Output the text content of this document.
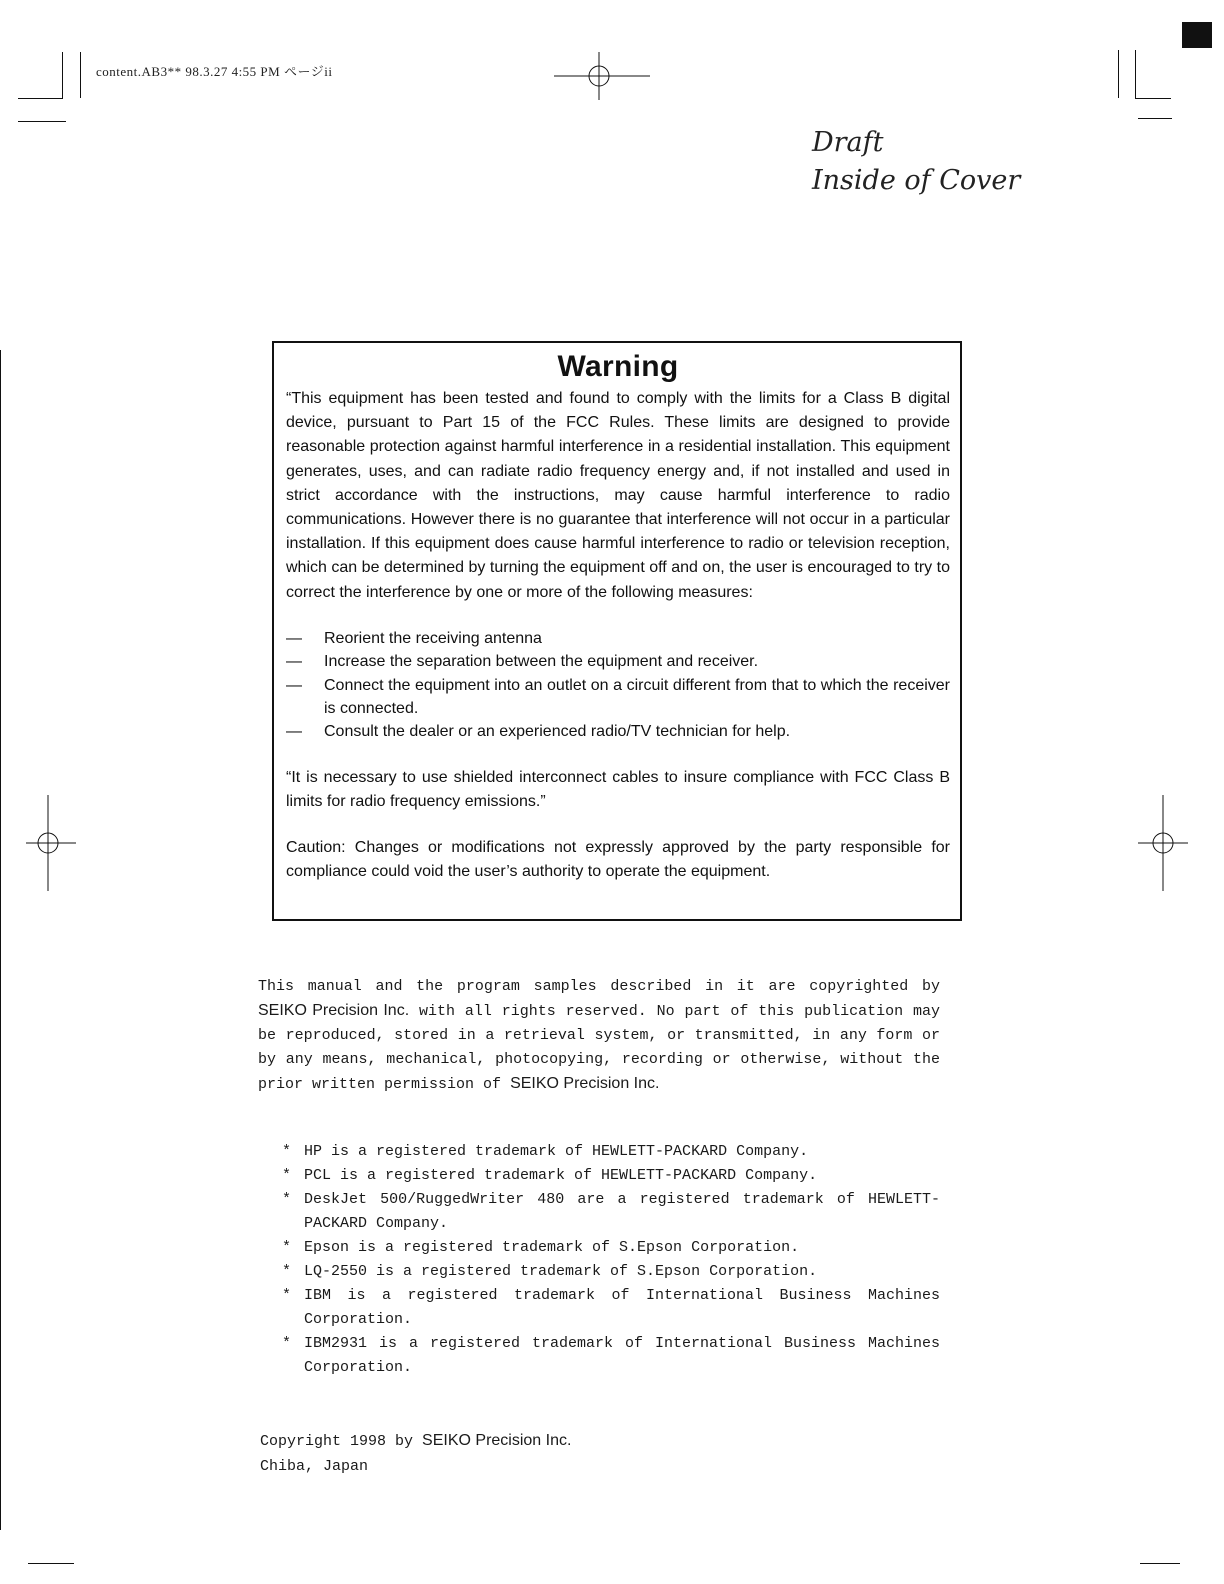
content.AB3** 98.3.27 4:55 PM ページii
Draft
Inside of Cover
Warning

“This equipment has been tested and found to comply with the limits for a Class B digital device, pursuant to Part 15 of the FCC Rules. These limits are designed to provide reasonable protection against harmful interference in a residential installation. This equipment generates, uses, and can radiate radio frequency energy and, if not installed and used in strict accordance with the instructions, may cause harmful interference to radio communications. However there is no guarantee that interference will not occur in a particular installation. If this equipment does cause harmful interference to radio or television reception, which can be determined by turning the equipment off and on, the user is encouraged to try to correct the interference by one or more of the following measures:

— Reorient the receiving antenna
— Increase the separation between the equipment and receiver.
— Connect the equipment into an outlet on a circuit different from that to which the receiver is connected.
— Consult the dealer or an experienced radio/TV technician for help.

“It is necessary to use shielded interconnect cables to insure compliance with FCC Class B limits for radio frequency emissions.”

Caution: Changes or modifications not expressly approved by the party responsible for compliance could void the user’s authority to operate the equipment.

This manual and the program samples described in it are copyrighted by SEIKO Precision Inc. with all rights reserved. No part of this publication may be reproduced, stored in a retrieval system, or transmitted, in any form or by any means, mechanical, photocopying, recording or otherwise, without the prior written permission of SEIKO Precision Inc.
* HP is a registered trademark of HEWLETT-PACKARD Company.
* PCL is a registered trademark of HEWLETT-PACKARD Company.
* DeskJet 500/RuggedWriter 480 are a registered trademark of HEWLETT-PACKARD Company.
* Epson is a registered trademark of S.Epson Corporation.
* LQ-2550 is a registered trademark of S.Epson Corporation.
* IBM is a registered trademark of International Business Machines Corporation.
* IBM2931 is a registered trademark of International Business Machines Corporation.
Copyright 1998 by SEIKO Precision Inc.
Chiba, Japan
